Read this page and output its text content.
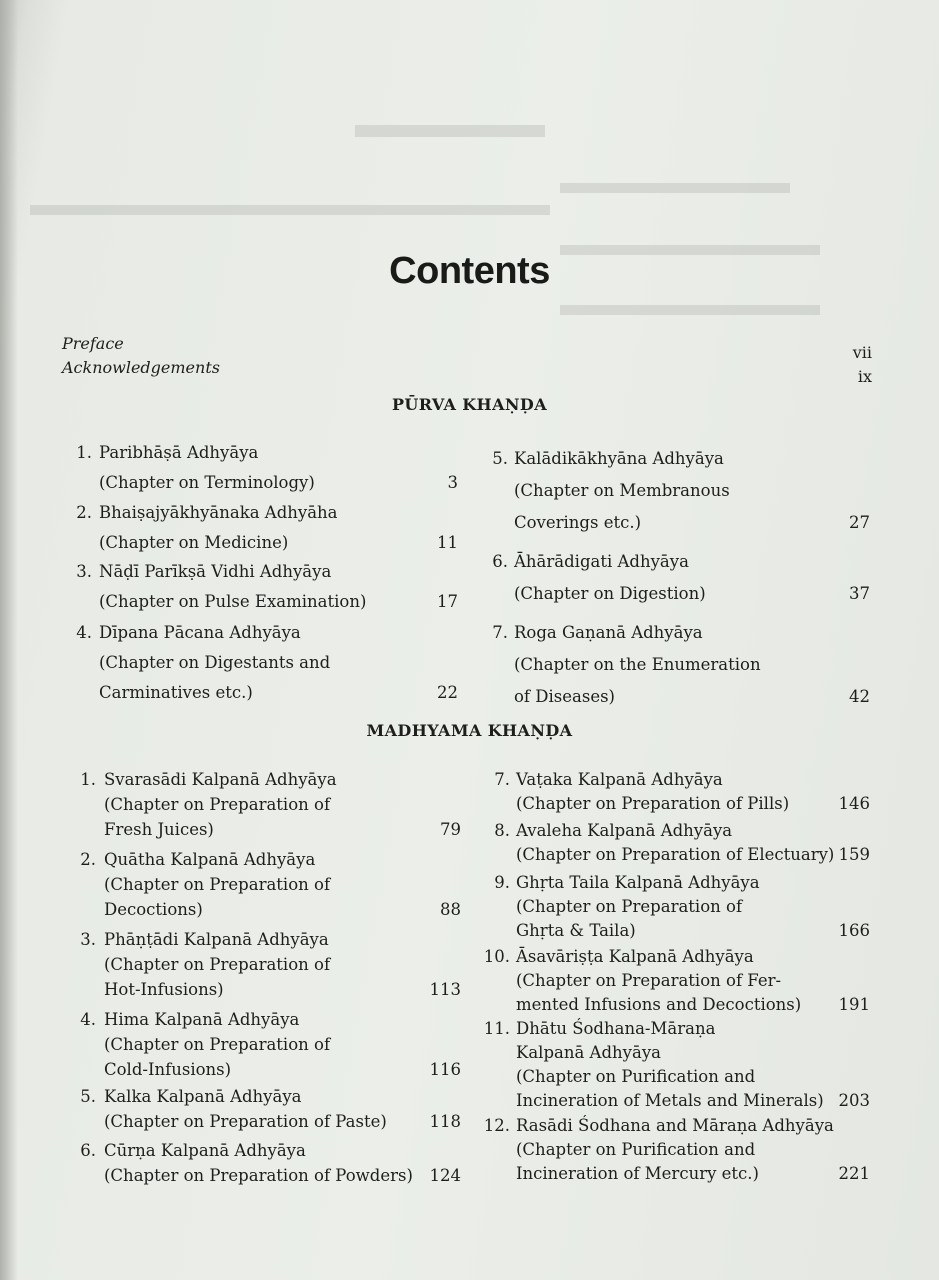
Contents
Preface	vii
Acknowledgements	ix
PŪRVA KHAṆḌA
MADHYAMA KHAṆḌA
1. Paribhāṣā Adhyāya
(Chapter on Terminology)	3
2. Bhaiṣajyākhyānaka Adhyāha
(Chapter on Medicine)	11
3. Nāḍī Parīkṣā Vidhi Adhyāya
(Chapter on Pulse Examination)	17
4. Dīpana Pācana Adhyāya
(Chapter on Digestants and
Carminatives etc.)	22
5. Kalādikākhyāna Adhyāya
(Chapter on Membranous
Coverings etc.)	27
6. Āhārādigati Adhyāya
(Chapter on Digestion)	37
7. Roga Gaṇanā Adhyāya
(Chapter on the Enumeration
of Diseases)	42
1. Svarasādi Kalpanā Adhyāya
(Chapter on Preparation of
Fresh Juices)	79
2. Quātha Kalpanā Adhyāya
(Chapter on Preparation of
Decoctions)	88
3. Phāṇṭādi Kalpanā Adhyāya
(Chapter on Preparation of
Hot-Infusions)	113
4. Hima Kalpanā Adhyāya
(Chapter on Preparation of
Cold-Infusions)	116
5. Kalka Kalpanā Adhyāya
(Chapter on Preparation of Paste)	118
6. Cūrṇa Kalpanā Adhyāya
(Chapter on Preparation of Powders)	124
7. Vaṭaka Kalpanā Adhyāya
(Chapter on Preparation of Pills)	146
8. Avaleha Kalpanā Adhyāya
(Chapter on Preparation of Electuary) 159
9. Ghṛta Taila Kalpanā Adhyāya
(Chapter on Preparation of
Ghṛta & Taila)	166
10. Āsavāriṣṭa Kalpanā Adhyāya
(Chapter on Preparation of Fer-
mented Infusions and Decoctions)	191
11. Dhātu Śodhana-Māraṇa
Kalpanā Adhyāya
(Chapter on Purification and
Incineration of Metals and Minerals) 203
12. Rasādi Śodhana and Māraṇa Adhyāya
(Chapter on Purification and
Incineration of Mercury etc.)	221
